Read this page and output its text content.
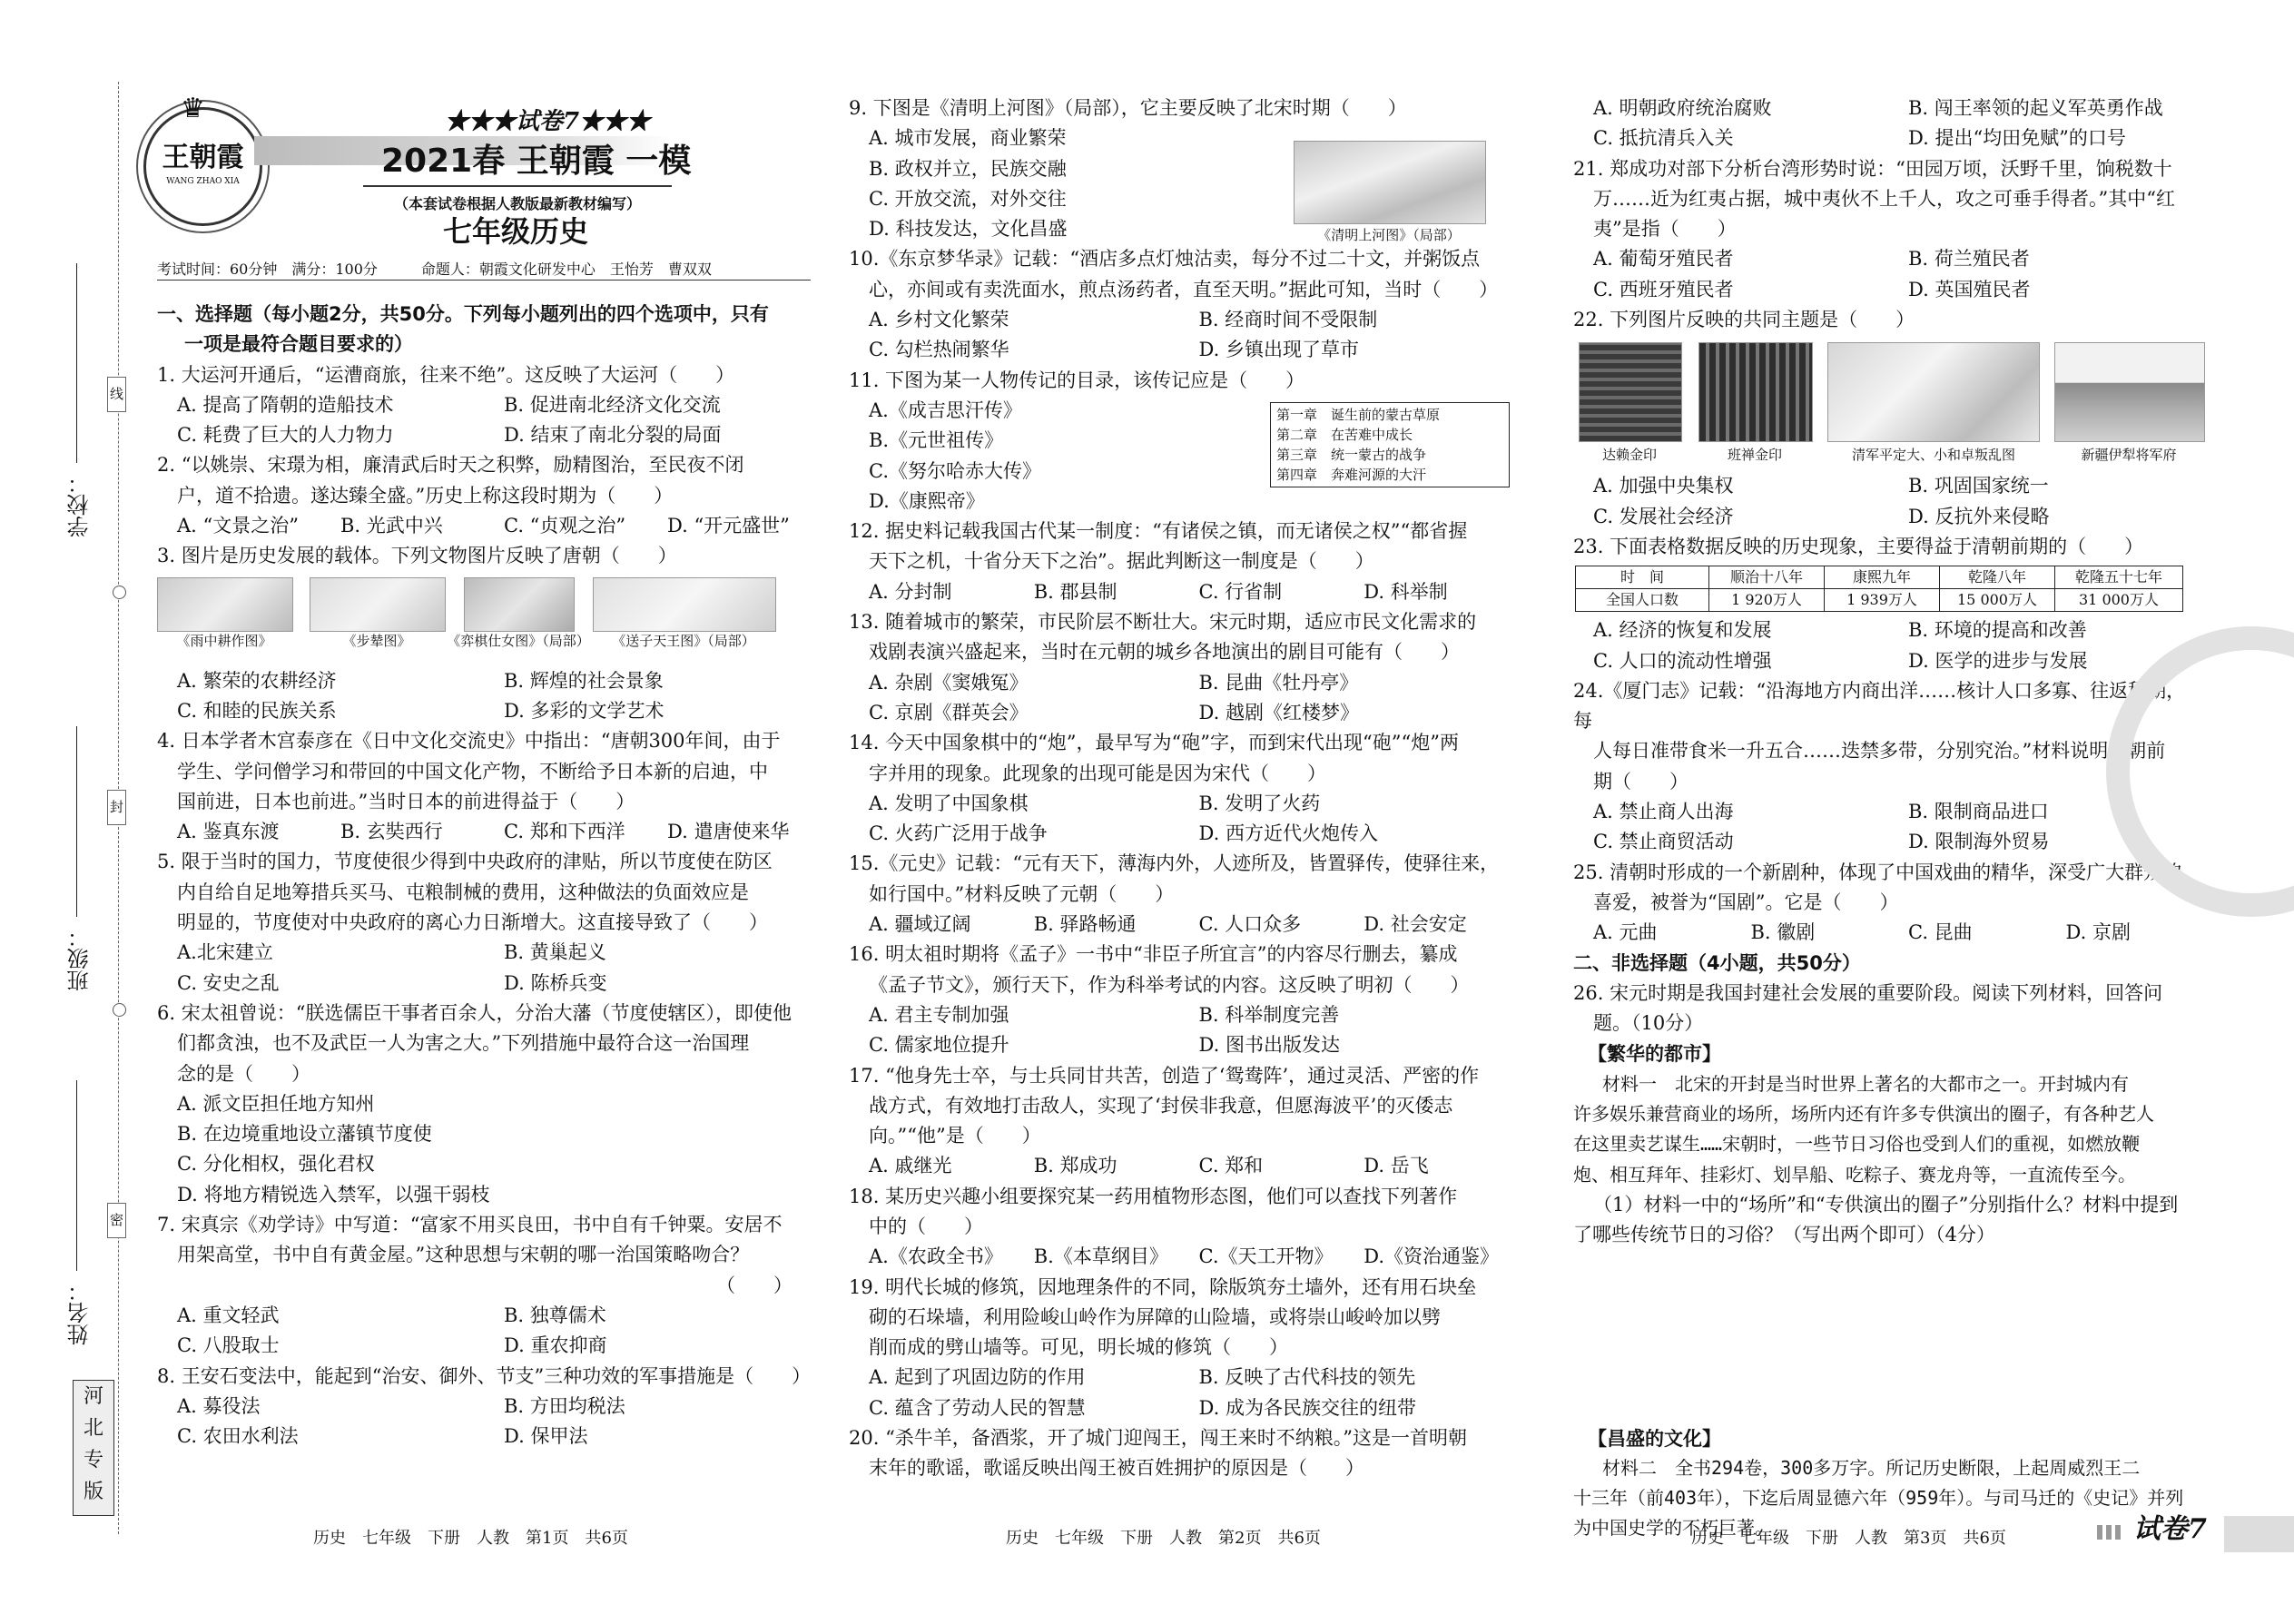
学校：
班级：
姓名：
线
封
密
河
北
专
版
♛
王朝霞
WANG ZHAO XIA
★★★试卷7★★★
2021春 王朝霞 一模
（本套试卷根据人教版最新教材编写）
七年级历史
考试时间：60分钟　满分：100分　　　命题人：朝霞文化研发中心　王怡芳　曹双双
一、选择题（每小题2分，共50分。下列每小题列出的四个选项中，只有
一项是最符合题目要求的）
1. 大运河开通后，“运漕商旅，往来不绝”。这反映了大运河（　　）
A. 提高了隋朝的造船技术	B. 促进南北经济文化交流
C. 耗费了巨大的人力物力	D. 结束了南北分裂的局面
2. “以姚崇、宋璟为相，廉清武后时天之积弊，励精图治，至民夜不闭
户，道不拾遗。遂达臻全盛。”历史上称这段时期为（　　）
A. “文景之治”	B. 光武中兴	C. “贞观之治”	D. “开元盛世”
3. 图片是历史发展的载体。下列文物图片反映了唐朝（　　）
《雨中耕作图》	《步辇图》	《弈棋仕女图》（局部）	《送子天王图》（局部）
A. 繁荣的农耕经济	B. 辉煌的社会景象
C. 和睦的民族关系	D. 多彩的文学艺术
4. 日本学者木宫泰彦在《日中文化交流史》中指出：“唐朝300年间，由于
学生、学问僧学习和带回的中国文化产物，不断给予日本新的启迪，中
国前进，日本也前进。”当时日本的前进得益于（　　）
A. 鉴真东渡	B. 玄奘西行	C. 郑和下西洋	D. 遣唐使来华
5. 限于当时的国力，节度使很少得到中央政府的津贴，所以节度使在防区
内自给自足地筹措兵买马、屯粮制械的费用，这种做法的负面效应是
明显的，节度使对中央政府的离心力日渐增大。这直接导致了（　　）
A.北宋建立	B. 黄巢起义
C. 安史之乱	D. 陈桥兵变
6. 宋太祖曾说：“朕选儒臣干事者百余人，分治大藩（节度使辖区），即使他
们都贪浊，也不及武臣一人为害之大。”下列措施中最符合这一治国理
念的是（　　）
A. 派文臣担任地方知州
B. 在边境重地设立藩镇节度使
C. 分化相权，强化君权
D. 将地方精锐选入禁军，以强干弱枝
7. 宋真宗《劝学诗》中写道：“富家不用买良田，书中自有千钟粟。安居不
用架高堂，书中自有黄金屋。”这种思想与宋朝的哪一治国策略吻合？
（　　）
A. 重文轻武	B. 独尊儒术
C. 八股取士	D. 重农抑商
8. 王安石变法中，能起到“治安、御外、节支”三种功效的军事措施是（　　）
A. 募役法	B. 方田均税法
C. 农田水利法	D. 保甲法
9. 下图是《清明上河图》（局部），它主要反映了北宋时期（　　）
A. 城市发展，商业繁荣
B. 政权并立，民族交融
C. 开放交流，对外交往
D. 科技发达，文化昌盛	《清明上河图》（局部）
10.《东京梦华录》记载：“酒店多点灯烛沽卖，每分不过二十文，并粥饭点
心，亦间或有卖洗面水，煎点汤药者，直至天明。”据此可知，当时（　　）
A. 乡村文化繁荣	B. 经商时间不受限制
C. 勾栏热闹繁华	D. 乡镇出现了草市
11. 下图为某一人物传记的目录，该传记应是（　　）
A.《成吉思汗传》
B.《元世祖传》
C.《努尔哈赤大传》
D.《康熙帝》
第一章　诞生前的蒙古草原
第二章　在苦难中成长
第三章　统一蒙古的战争
第四章　奔难河源的大汗
12. 据史料记载我国古代某一制度：“有诸侯之镇，而无诸侯之权”“都省握
天下之机，十省分天下之治”。据此判断这一制度是（　　）
A. 分封制	B. 郡县制	C. 行省制	D. 科举制
13. 随着城市的繁荣，市民阶层不断壮大。宋元时期，适应市民文化需求的
戏剧表演兴盛起来，当时在元朝的城乡各地演出的剧目可能有（　　）
A. 杂剧《窦娥冤》	B. 昆曲《牡丹亭》
C. 京剧《群英会》	D. 越剧《红楼梦》
14. 今天中国象棋中的“炮”，最早写为“砲”字，而到宋代出现“砲”“炮”两
字并用的现象。此现象的出现可能是因为宋代（　　）
A. 发明了中国象棋	B. 发明了火药
C. 火药广泛用于战争	D. 西方近代火炮传入
15.《元史》记载：“元有天下，薄海内外，人迹所及，皆置驿传，使驿往来，
如行国中。”材料反映了元朝（　　）
A. 疆域辽阔	B. 驿路畅通	C. 人口众多	D. 社会安定
16. 明太祖时期将《孟子》一书中“非臣子所宜言”的内容尽行删去，纂成
《孟子节文》，颁行天下，作为科举考试的内容。这反映了明初（　　）
A. 君主专制加强	B. 科举制度完善
C. 儒家地位提升	D. 图书出版发达
17. “他身先士卒，与士兵同甘共苦，创造了‘鸳鸯阵’，通过灵活、严密的作
战方式，有效地打击敌人，实现了‘封侯非我意，但愿海波平’的灭倭志
向。”“他”是（　　）
A. 戚继光	B. 郑成功	C. 郑和	D. 岳飞
18. 某历史兴趣小组要探究某一药用植物形态图，他们可以查找下列著作
中的（　　）
A.《农政全书》	B.《本草纲目》	C.《天工开物》	D.《资治通鉴》
19. 明代长城的修筑，因地理条件的不同，除版筑夯土墙外，还有用石块垒
砌的石垛墙，利用险峻山岭作为屏障的山险墙，或将崇山峻岭加以劈
削而成的劈山墙等。可见，明长城的修筑（　　）
A. 起到了巩固边防的作用	B. 反映了古代科技的领先
C. 蕴含了劳动人民的智慧	D. 成为各民族交往的纽带
20. “杀牛羊，备酒浆，开了城门迎闯王，闯王来时不纳粮。”这是一首明朝
末年的歌谣，歌谣反映出闯王被百姓拥护的原因是（　　）
A. 明朝政府统治腐败	B. 闯王率领的起义军英勇作战
C. 抵抗清兵入关	D. 提出“均田免赋”的口号
21. 郑成功对部下分析台湾形势时说：“田园万顷，沃野千里，饷税数十
万……近为红夷占据，城中夷伙不上千人，攻之可垂手得者。”其中“红
夷”是指（　　）
A. 葡萄牙殖民者	B. 荷兰殖民者
C. 西班牙殖民者	D. 英国殖民者
22. 下列图片反映的共同主题是（　　）
达赖金印	班禅金印	清军平定大、小和卓叛乱图	新疆伊犁将军府
A. 加强中央集权	B. 巩固国家统一
C. 发展社会经济	D. 反抗外来侵略
23. 下面表格数据反映的历史现象，主要得益于清朝前期的（　　）
时　间	顺治十八年	康熙九年	乾隆八年	乾隆五十七年
全国人口数	1 920万人	1 939万人	15 000万人	31 000万人
A. 经济的恢复和发展	B. 环境的提高和改善
C. 人口的流动性增强	D. 医学的进步与发展
24.《厦门志》记载：“沿海地方内商出洋……核计人口多寡、往返程期，每
人每日准带食米一升五合……迭禁多带，分别究治。”材料说明清朝前
期（　　）
A. 禁止商人出海	B. 限制商品进口
C. 禁止商贸活动	D. 限制海外贸易
25. 清朝时形成的一个新剧种，体现了中国戏曲的精华，深受广大群众的
喜爱，被誉为“国剧”。它是（　　）
A. 元曲	B. 徽剧	C. 昆曲	D. 京剧
二、非选择题（4小题，共50分）
26. 宋元时期是我国封建社会发展的重要阶段。阅读下列材料，回答问
题。（10分）
【繁华的都市】
材料一　北宋的开封是当时世界上著名的大都市之一。开封城内有
许多娱乐兼营商业的场所，场所内还有许多专供演出的圈子，有各种艺人
在这里卖艺谋生……宋朝时，一些节日习俗也受到人们的重视，如燃放鞭
炮、相互拜年、挂彩灯、划旱船、吃粽子、赛龙舟等，一直流传至今。
（1）材料一中的“场所”和“专供演出的圈子”分别指什么？材料中提到
了哪些传统节日的习俗？（写出两个即可）（4分）
【昌盛的文化】
材料二　全书294卷，300多万字。所记历史断限，上起周威烈王二
十三年（前403年），下迄后周显德六年（959年）。与司马迁的《史记》并列
为中国史学的不朽巨著。
历史　七年级　下册　人教　第1页　共6页	历史　七年级　下册　人教　第2页　共6页	历史　七年级　下册　人教　第3页　共6页	试卷7
